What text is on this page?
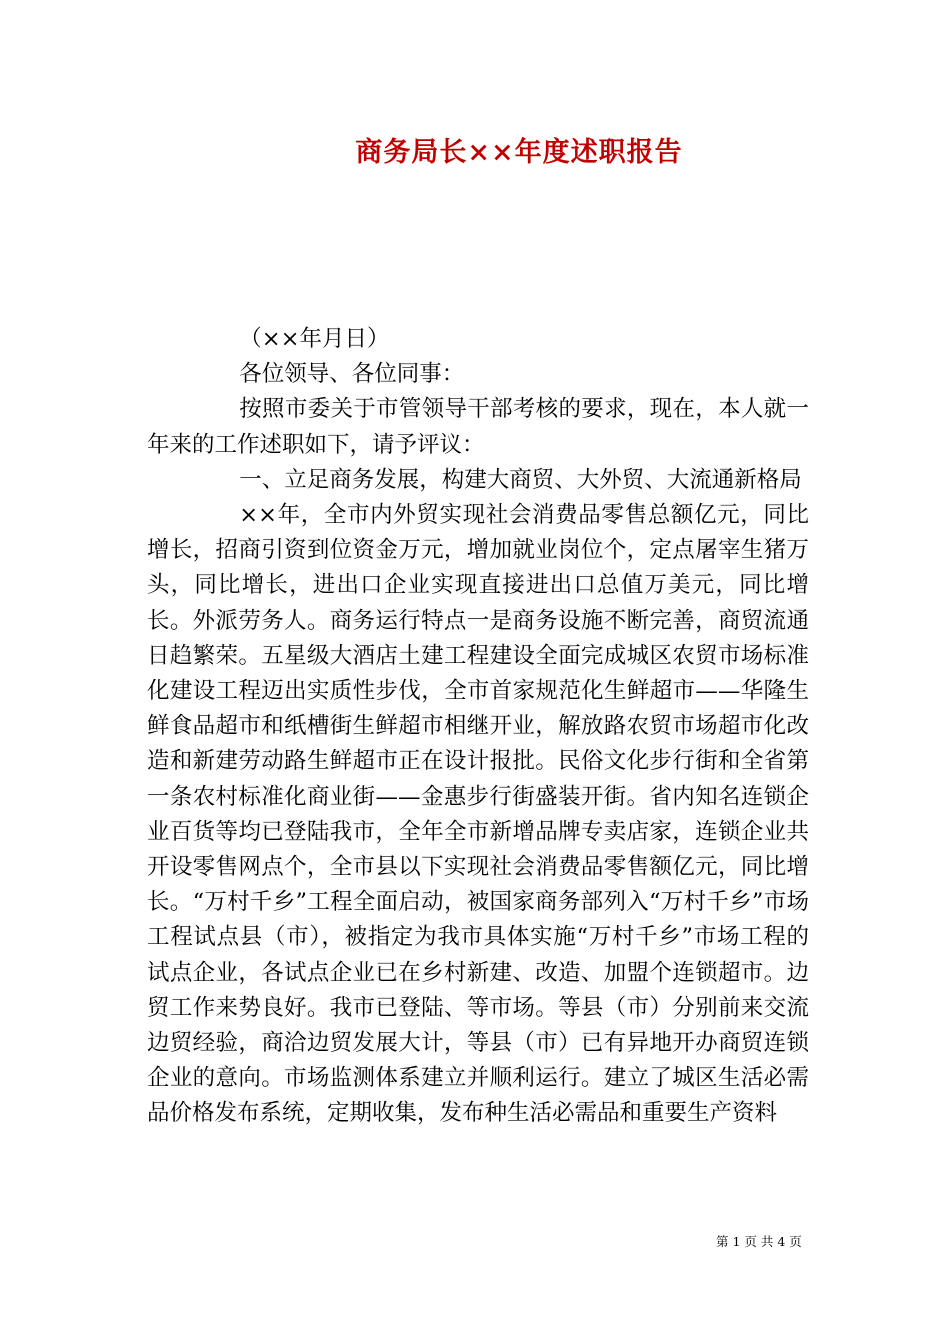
商务局长××年度述职报告

（××年月日）

各位领导、各位同事：

按照市委关于市管领导干部考核的要求，现在，本人就一年来的工作述职如下，请予评议：

一、立足商务发展，构建大商贸、大外贸、大流通新格局

××年，全市内外贸实现社会消费品零售总额亿元，同比增长，招商引资到位资金万元，增加就业岗位个，定点屠宰生猪万头，同比增长，进出口企业实现直接进出口总值万美元，同比增长。外派劳务人。商务运行特点一是商务设施不断完善，商贸流通日趋繁荣。五星级大酒店土建工程建设全面完成城区农贸市场标准化建设工程迈出实质性步伐，全市首家规范化生鲜超市——华隆生鲜食品超市和纸槽街生鲜超市相继开业，解放路农贸市场超市化改造和新建劳动路生鲜超市正在设计报批。民俗文化步行街和全省第一条农村标准化商业街——金惠步行街盛装开街。省内知名连锁企业百货等均已登陆我市，全年全市新增品牌专卖店家，连锁企业共开设零售网点个，全市县以下实现社会消费品零售额亿元，同比增长。“万村千乡”工程全面启动，被国家商务部列入“万村千乡”市场工程试点县（市），被指定为我市具体实施“万村千乡”市场工程的试点企业，各试点企业已在乡村新建、改造、加盟个连锁超市。边贸工作来势良好。我市已登陆、等市场。等县（市）分别前来交流边贸经验，商洽边贸发展大计，等县（市）已有异地开办商贸连锁企业的意向。市场监测体系建立并顺利运行。建立了城区生活必需品价格发布系统，定期收集，发布种生活必需品和重要生产资料

第 1 页 共 4 页
